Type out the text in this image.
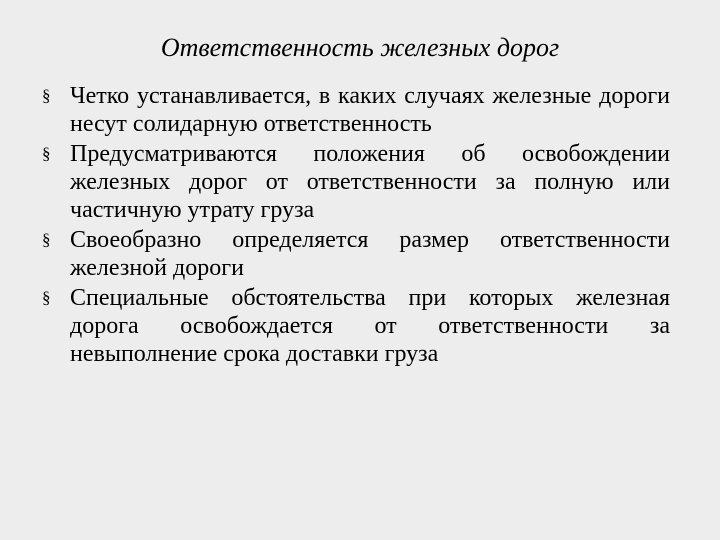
Ответственность железных дорог
§ Четко устанавливается, в каких случаях железные дороги несут солидарную ответственность
§ Предусматриваются положения об освобождении железных дорог от ответственности за полную или частичную утрату груза
§ Своеобразно определяется размер ответственности железной дороги
§ Специальные обстоятельства при которых железная дорога освобождается от ответственности за невыполнение срока доставки груза
